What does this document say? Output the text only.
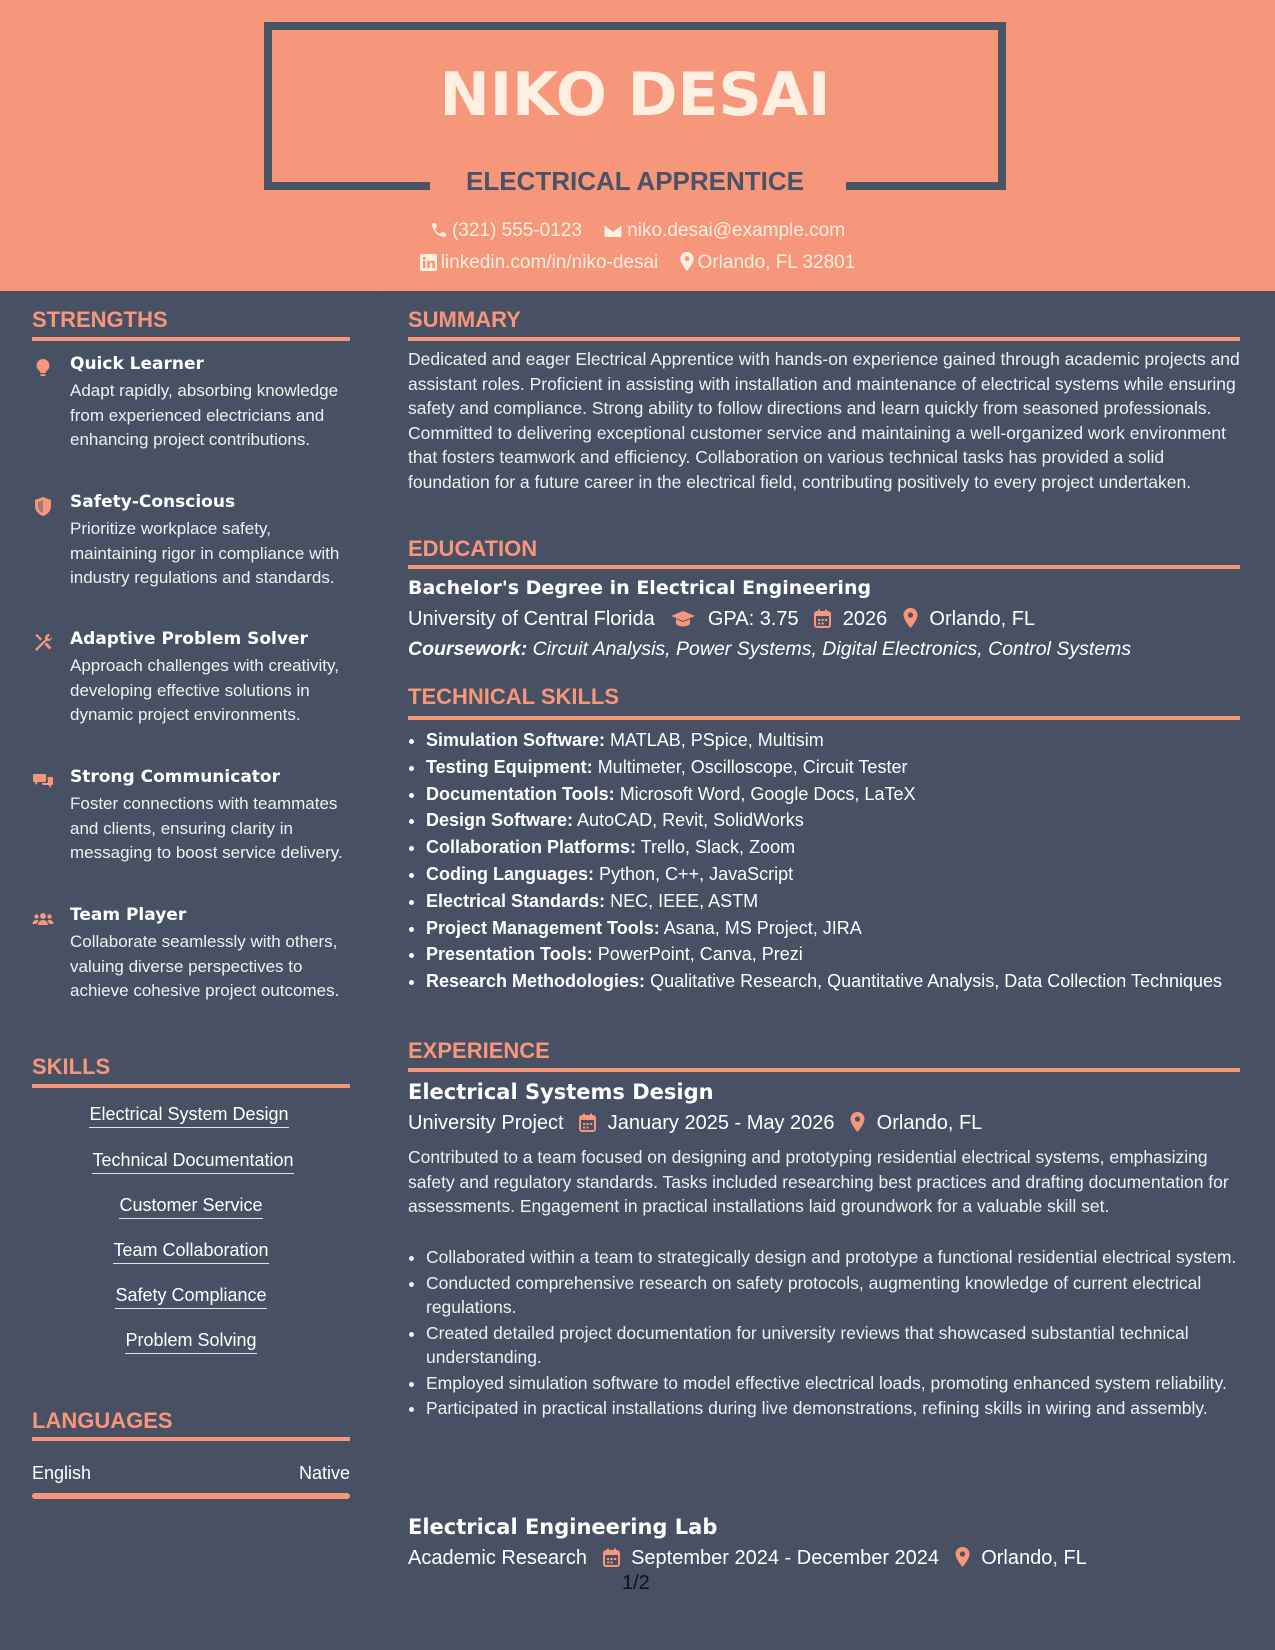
NIKO DESAI
ELECTRICAL APPRENTICE
(321) 555-0123 niko.desai@example.com
linkedin.com/in/niko-desai Orlando, FL 32801
STRENGTHS
Quick Learner
Adapt rapidly, absorbing knowledge from experienced electricians and enhancing project contributions.
Safety-Conscious
Prioritize workplace safety, maintaining rigor in compliance with industry regulations and standards.
Adaptive Problem Solver
Approach challenges with creativity, developing effective solutions in dynamic project environments.
Strong Communicator
Foster connections with teammates and clients, ensuring clarity in messaging to boost service delivery.
Team Player
Collaborate seamlessly with others, valuing diverse perspectives to achieve cohesive project outcomes.
SKILLS
Electrical System Design
Technical Documentation
Customer Service
Team Collaboration
Safety Compliance
Problem Solving
LANGUAGES
English	Native
SUMMARY
Dedicated and eager Electrical Apprentice with hands-on experience gained through academic projects and assistant roles. Proficient in assisting with installation and maintenance of electrical systems while ensuring safety and compliance. Strong ability to follow directions and learn quickly from seasoned professionals. Committed to delivering exceptional customer service and maintaining a well-organized work environment that fosters teamwork and efficiency. Collaboration on various technical tasks has provided a solid foundation for a future career in the electrical field, contributing positively to every project undertaken.
EDUCATION
Bachelor's Degree in Electrical Engineering
University of Central Florida	GPA: 3.75 2026 Orlando, FL
Coursework: Circuit Analysis, Power Systems, Digital Electronics, Control Systems
TECHNICAL SKILLS
• Simulation Software: MATLAB, PSpice, Multisim
• Testing Equipment: Multimeter, Oscilloscope, Circuit Tester
• Documentation Tools: Microsoft Word, Google Docs, LaTeX
• Design Software: AutoCAD, Revit, SolidWorks
• Collaboration Platforms: Trello, Slack, Zoom
• Coding Languages: Python, C++, JavaScript
• Electrical Standards: NEC, IEEE, ASTM
• Project Management Tools: Asana, MS Project, JIRA
• Presentation Tools: PowerPoint, Canva, Prezi
• Research Methodologies: Qualitative Research, Quantitative Analysis, Data Collection Techniques
EXPERIENCE
Electrical Systems Design
University Project January 2025 - May 2026 Orlando, FL
Contributed to a team focused on designing and prototyping residential electrical systems, emphasizing safety and regulatory standards. Tasks included researching best practices and drafting documentation for assessments. Engagement in practical installations laid groundwork for a valuable skill set.
• Collaborated within a team to strategically design and prototype a functional residential electrical system.
• Conducted comprehensive research on safety protocols, augmenting knowledge of current electrical regulations.
• Created detailed project documentation for university reviews that showcased substantial technical understanding.
• Employed simulation software to model effective electrical loads, promoting enhanced system reliability.
• Participated in practical installations during live demonstrations, refining skills in wiring and assembly.
Electrical Engineering Lab
Academic Research September 2024 - December 2024 Orlando, FL
1/2
